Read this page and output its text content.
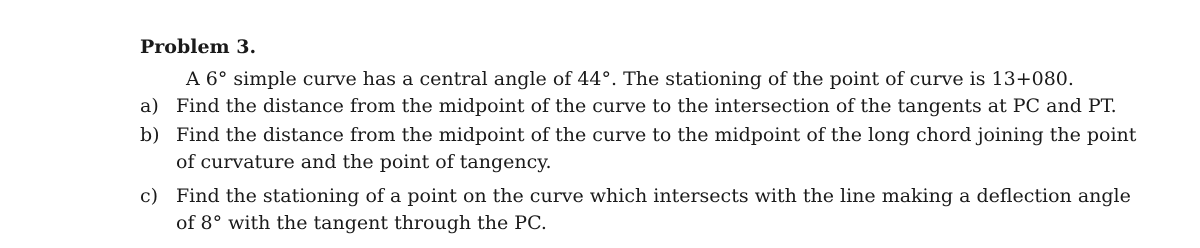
Problem 3.
A 6° simple curve has a central angle of 44°. The stationing of the point of curve is 13+080.
a) Find the distance from the midpoint of the curve to the intersection of the tangents at PC and PT.
b) Find the distance from the midpoint of the curve to the midpoint of the long chord joining the point of curvature and the point of tangency.
c) Find the stationing of a point on the curve which intersects with the line making a deflection angle of 8° with the tangent through the PC.
